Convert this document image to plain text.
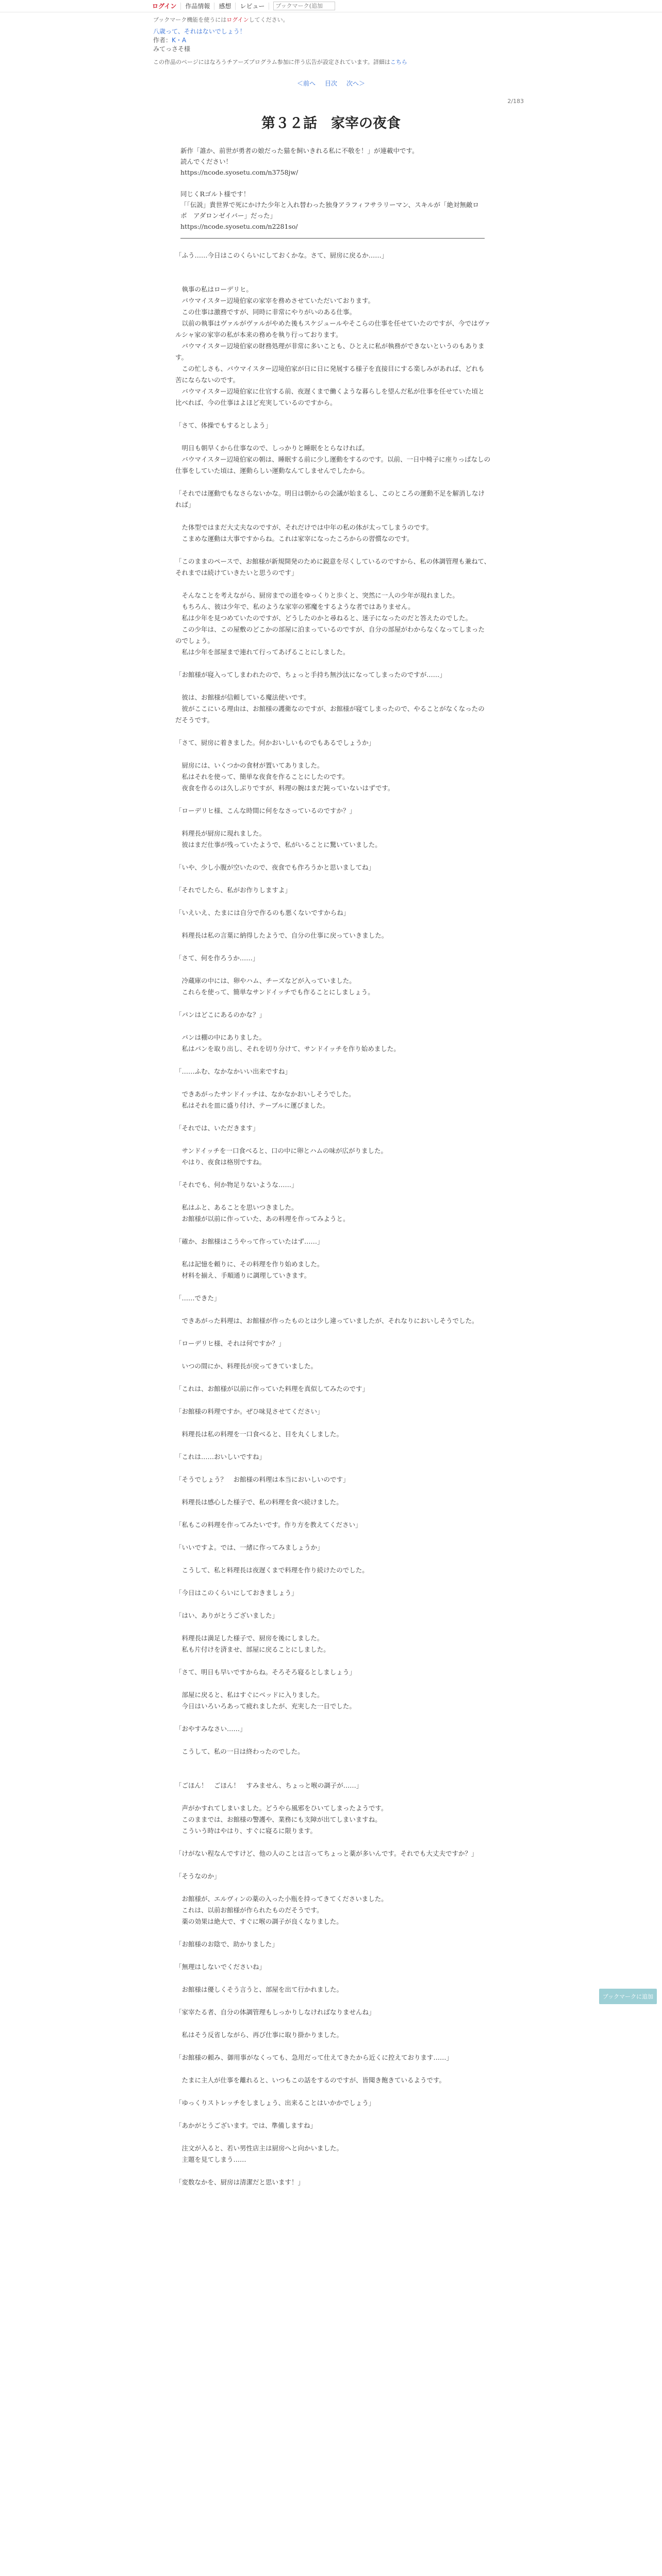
ログイン	作品情報	感想	レビュー
ブックマーク(追加
ブックマーク機能を使うにはログインしてください。
八歳って、それはないでしょう！
作者：K・A
みてっさそ様
この作品のページにはなろうチアーズプログラム参加に伴う広告が設定されています。詳細はこちら
＜前へ 目次 次へ＞
2/183
第３２話　家宰の夜食

新作「誰か、前世が勇者の娘だった猫を飼いきれる私に不敬を！」が連載中です。

読んでください！

https://ncode.syosetu.com/n3758jw/

同じくRゴルト様です！

「「伝説」貴世界で死にかけた少年と入れ替わった独身アラフィフサラリーマン、スキルが「絶対無敵ロボ　アダロンゼイバー」だった」

https://ncode.syosetu.com/n2281so/

「ふう……今日はこのくらいにしておくかな。さて、厨房に戻るか……」

　執事の私はローデリヒ。

　バウマイスター辺境伯家の家宰を務めさせていただいております。

　この仕事は激務ですが、同時に非常にやりがいのある仕事。

　以前の執事はヴァルがヴァルがやめた後もスケジュールやそこらの仕事を任せていたのですが、今ではヴァルシャ家の家宰の私が本来の務めを執り行っております。

　バウマイスター辺境伯家の財務処理が非常に多いことも、ひとえに私が執務ができないというのもあります。

　この忙しさも、バウマイスター辺境伯家が日に日に発展する様子を直接目にする楽しみがあれば、どれも苦にならないのです。

　バウマイスター辺境伯家に仕官する前、夜遅くまで働くような暮らしを望んだ私が仕事を任せていた頃と比べれば、今の仕事はよほど充実しているのですから。

「さて、体操でもするとしよう」

　明日も朝早くから仕事なので、しっかりと睡眠をとらなければ。

　バウマイスター辺境伯家の朝は、睡眠する前に少し運動をするのです。以前、一日中椅子に座りっぱなしの仕事をしていた頃は、運動らしい運動なんてしませんでしたから。

「それでは運動でもなさらないかな。明日は朝からの会議が始まるし、このところの運動不足を解消しなければ」

　た体型ではまだ大丈夫なのですが、それだけでは中年の私の体が太ってしまうのです。

　こまめな運動は大事ですからね。これは家宰になったころからの習慣なのです。

「このままのペースで、お館様が新規開発のために鋭意を尽くしているのですから、私の体調管理も兼ねて、それまでは続けていきたいと思うのです」

　そんなことを考えながら、厨房までの道をゆっくりと歩くと、突然に一人の少年が現れました。

　もちろん、彼は少年で、私のような家宰の邪魔をするような者ではありません。

　私は少年を見つめていたのですが、どうしたのかと尋ねると、迷子になったのだと答えたのでした。

　この少年は、この屋敷のどこかの部屋に泊まっているのですが、自分の部屋がわからなくなってしまったのでしょう。

　私は少年を部屋まで連れて行ってあげることにしました。

「お館様が寝入ってしまわれたので、ちょっと手持ち無沙汰になってしまったのですが……」

　彼は、お館様が信頼している魔法使いです。

　彼がここにいる理由は、お館様の護衛なのですが、お館様が寝てしまったので、やることがなくなったのだそうです。

「さて、厨房に着きました。何かおいしいものでもあるでしょうか」

　厨房には、いくつかの食材が置いてありました。

　私はそれを使って、簡単な夜食を作ることにしたのです。

　夜食を作るのは久しぶりですが、料理の腕はまだ鈍っていないはずです。

「ローデリヒ様、こんな時間に何をなさっているのですか？」

　料理長が厨房に現れました。

　彼はまだ仕事が残っていたようで、私がいることに驚いていました。

「いや、少し小腹が空いたので、夜食でも作ろうかと思いましてね」

「それでしたら、私がお作りしますよ」

「いえいえ、たまには自分で作るのも悪くないですからね」

　料理長は私の言葉に納得したようで、自分の仕事に戻っていきました。

「さて、何を作ろうか……」

　冷蔵庫の中には、卵やハム、チーズなどが入っていました。

　これらを使って、簡単なサンドイッチでも作ることにしましょう。

「パンはどこにあるのかな？」

　パンは棚の中にありました。

　私はパンを取り出し、それを切り分けて、サンドイッチを作り始めました。

「……ふむ、なかなかいい出来ですね」

　できあがったサンドイッチは、なかなかおいしそうでした。

　私はそれを皿に盛り付け、テーブルに運びました。

「それでは、いただきます」

　サンドイッチを一口食べると、口の中に卵とハムの味が広がりました。

　やはり、夜食は格別ですね。

「それでも、何か物足りないような……」

　私はふと、あることを思いつきました。

　お館様が以前に作っていた、あの料理を作ってみようと。

「確か、お館様はこうやって作っていたはず……」

　私は記憶を頼りに、その料理を作り始めました。

　材料を揃え、手順通りに調理していきます。

「……できた」

　できあがった料理は、お館様が作ったものとは少し違っていましたが、それなりにおいしそうでした。

「ローデリヒ様、それは何ですか？」

　いつの間にか、料理長が戻ってきていました。

「これは、お館様が以前に作っていた料理を真似してみたのです」

「お館様の料理ですか。ぜひ味見させてください」

　料理長は私の料理を一口食べると、目を丸くしました。

「これは……おいしいですね」

「そうでしょう？　お館様の料理は本当においしいのです」

　料理長は感心した様子で、私の料理を食べ続けました。

「私もこの料理を作ってみたいです。作り方を教えてください」

「いいですよ。では、一緒に作ってみましょうか」

　こうして、私と料理長は夜遅くまで料理を作り続けたのでした。

「今日はこのくらいにしておきましょう」

「はい、ありがとうございました」

　料理長は満足した様子で、厨房を後にしました。

　私も片付けを済ませ、部屋に戻ることにしました。

「さて、明日も早いですからね。そろそろ寝るとしましょう」

　部屋に戻ると、私はすぐにベッドに入りました。

　今日はいろいろあって疲れましたが、充実した一日でした。

「おやすみなさい……」

　こうして、私の一日は終わったのでした。

「ごほん！　ごほん！　すみません、ちょっと喉の調子が……」

　声がかすれてしまいました。どうやら風邪をひいてしまったようです。

　このままでは、お館様の警護や、業務にも支障が出てしまいますね。

　こういう時はやはり、すぐに寝るに限ります。

「けがない程なんですけど、他の人のことは言ってちょっと薬が多いんです。それでも大丈夫ですか？」

「そうなのか」

　お館様が、エルヴィンの薬の入った小瓶を持ってきてくださいました。

　これは、以前お館様が作られたものだそうです。

　薬の効果は絶大で、すぐに喉の調子が良くなりました。

「お館様のお陰で、助かりました」

「無理はしないでくださいね」

　お館様は優しくそう言うと、部屋を出て行かれました。

「家宰たる者、自分の体調管理もしっかりしなければなりませんね」

　私はそう反省しながら、再び仕事に取り掛かりました。

「お館様の頼み、御用事がなくっても、急用だって仕えてきたから近くに控えております……」

　たまに主人が仕事を離れると、いつもこの話をするのですが、皆聞き飽きているようです。

「ゆっくりストレッチをしましょう、出来ることはいかかでしょう」

「あかがとうございます。では、準備しますね」

　注文が入ると、若い男性店主は厨房へと向かいました。

　主題を見てしまう……

「変数なかを、厨房は清潔だと思います！」

ブックマークに追加
